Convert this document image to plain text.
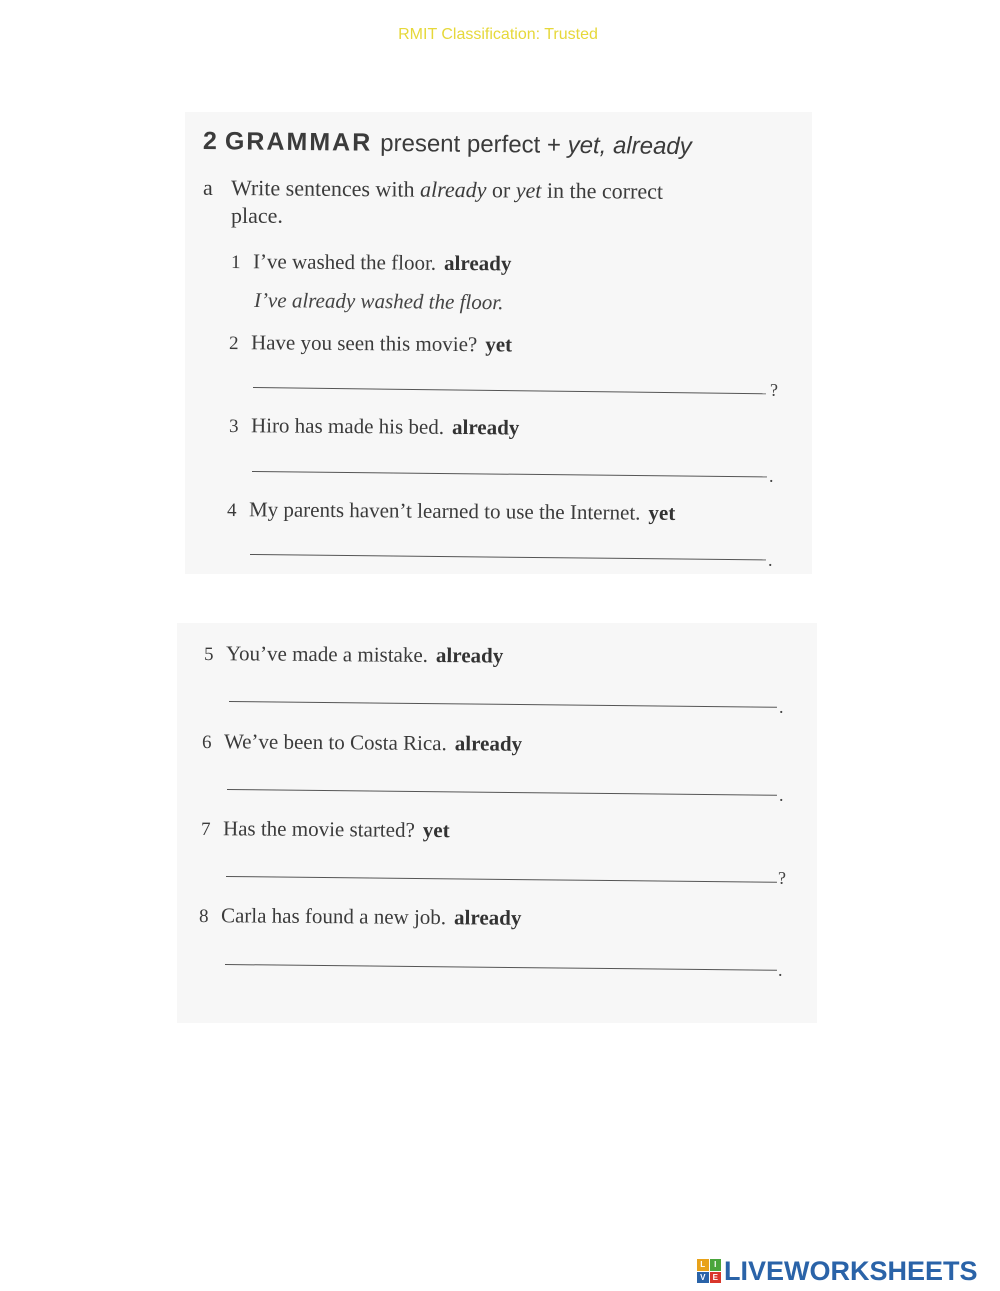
RMIT Classification: Trusted
2 GRAMMAR present perfect + yet, already
a Write sentences with already or yet in the correct
place.
1 I’ve washed the floor. already
I’ve already washed the floor.
2 Have you seen this movie? yet
?
3 Hiro has made his bed. already
.
4 My parents haven’t learned to use the Internet. yet
.
5 You’ve made a mistake. already
.
6 We’ve been to Costa Rica. already
.
7 Has the movie started? yet
?
8 Carla has found a new job. already
.
L	I
V E LIVEWORKSHEETS
